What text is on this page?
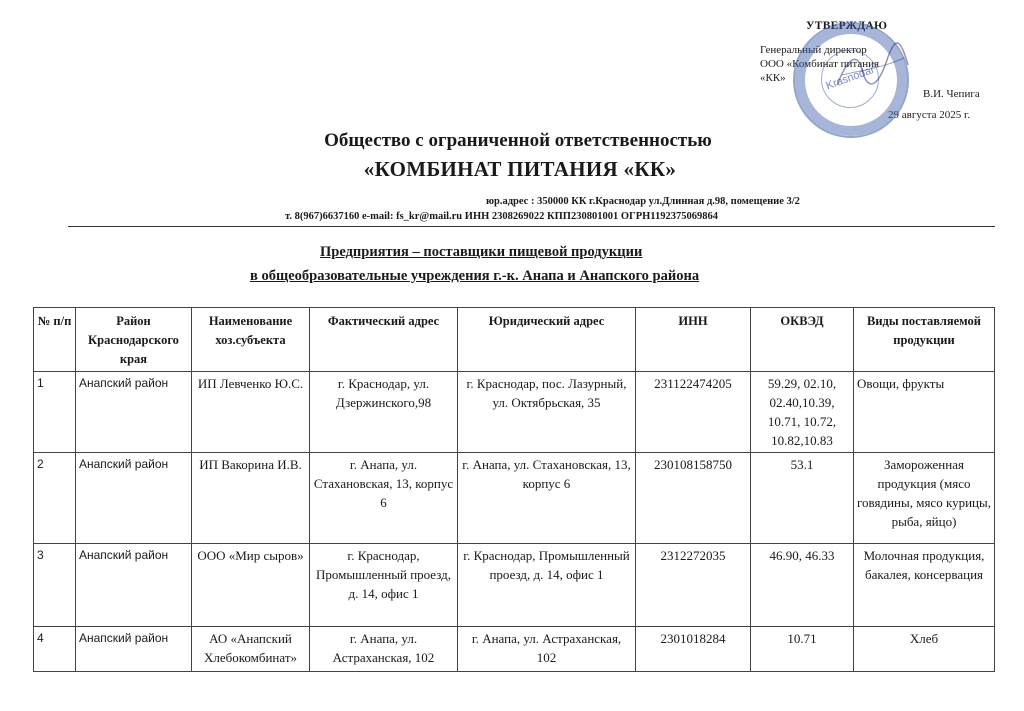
УТВЕРЖДАЮ
Генеральный директор
ООО «Комбинат питания
«КК»
В.И. Чепига
29 августа 2025 г.
Krasnodar
Общество с ограниченной ответственностью
«КОМБИНАТ ПИТАНИЯ «КК»
юр.адрес : 350000 КК г.Краснодар ул.Длинная д.98, помещение 3/2
т. 8(967)6637160 e-mail: fs_kr@mail.ru ИНН 2308269022 КПП230801001 ОГРН1192375069864
Предприятия – поставщики пищевой продукции
в общеобразовательные учреждения г.-к. Анапа и Анапского района
№ п/п	Район Краснодарского края	Наименование хоз.субъекта	Фактический адрес	Юридический адрес	ИНН	ОКВЭД	Виды поставляемой продукции
1	Анапский район	ИП Левченко Ю.С.	г. Краснодар, ул. Дзержинского,98	г. Краснодар, пос. Лазурный, ул. Октябрьская, 35	231122474205	59.29, 02.10, 02.40,10.39, 10.71, 10.72, 10.82,10.83	Овощи, фрукты
2	Анапский район	ИП Вакорина И.В.	г. Анапа, ул. Стахановская, 13, корпус 6	г. Анапа, ул. Стахановская, 13, корпус 6	230108158750	53.1	Замороженная продукция (мясо говядины, мясо курицы, рыба, яйцо)
3	Анапский район	ООО «Мир сыров»	г. Краснодар, Промышленный проезд, д. 14, офис 1	г. Краснодар, Промышленный проезд, д. 14, офис 1	2312272035	46.90, 46.33	Молочная продукция, бакалея, консервация
4	Анапский район	АО «Анапский Хлебокомбинат»	г. Анапа, ул. Астраханская, 102	г. Анапа, ул. Астраханская, 102	2301018284	10.71	Хлеб
